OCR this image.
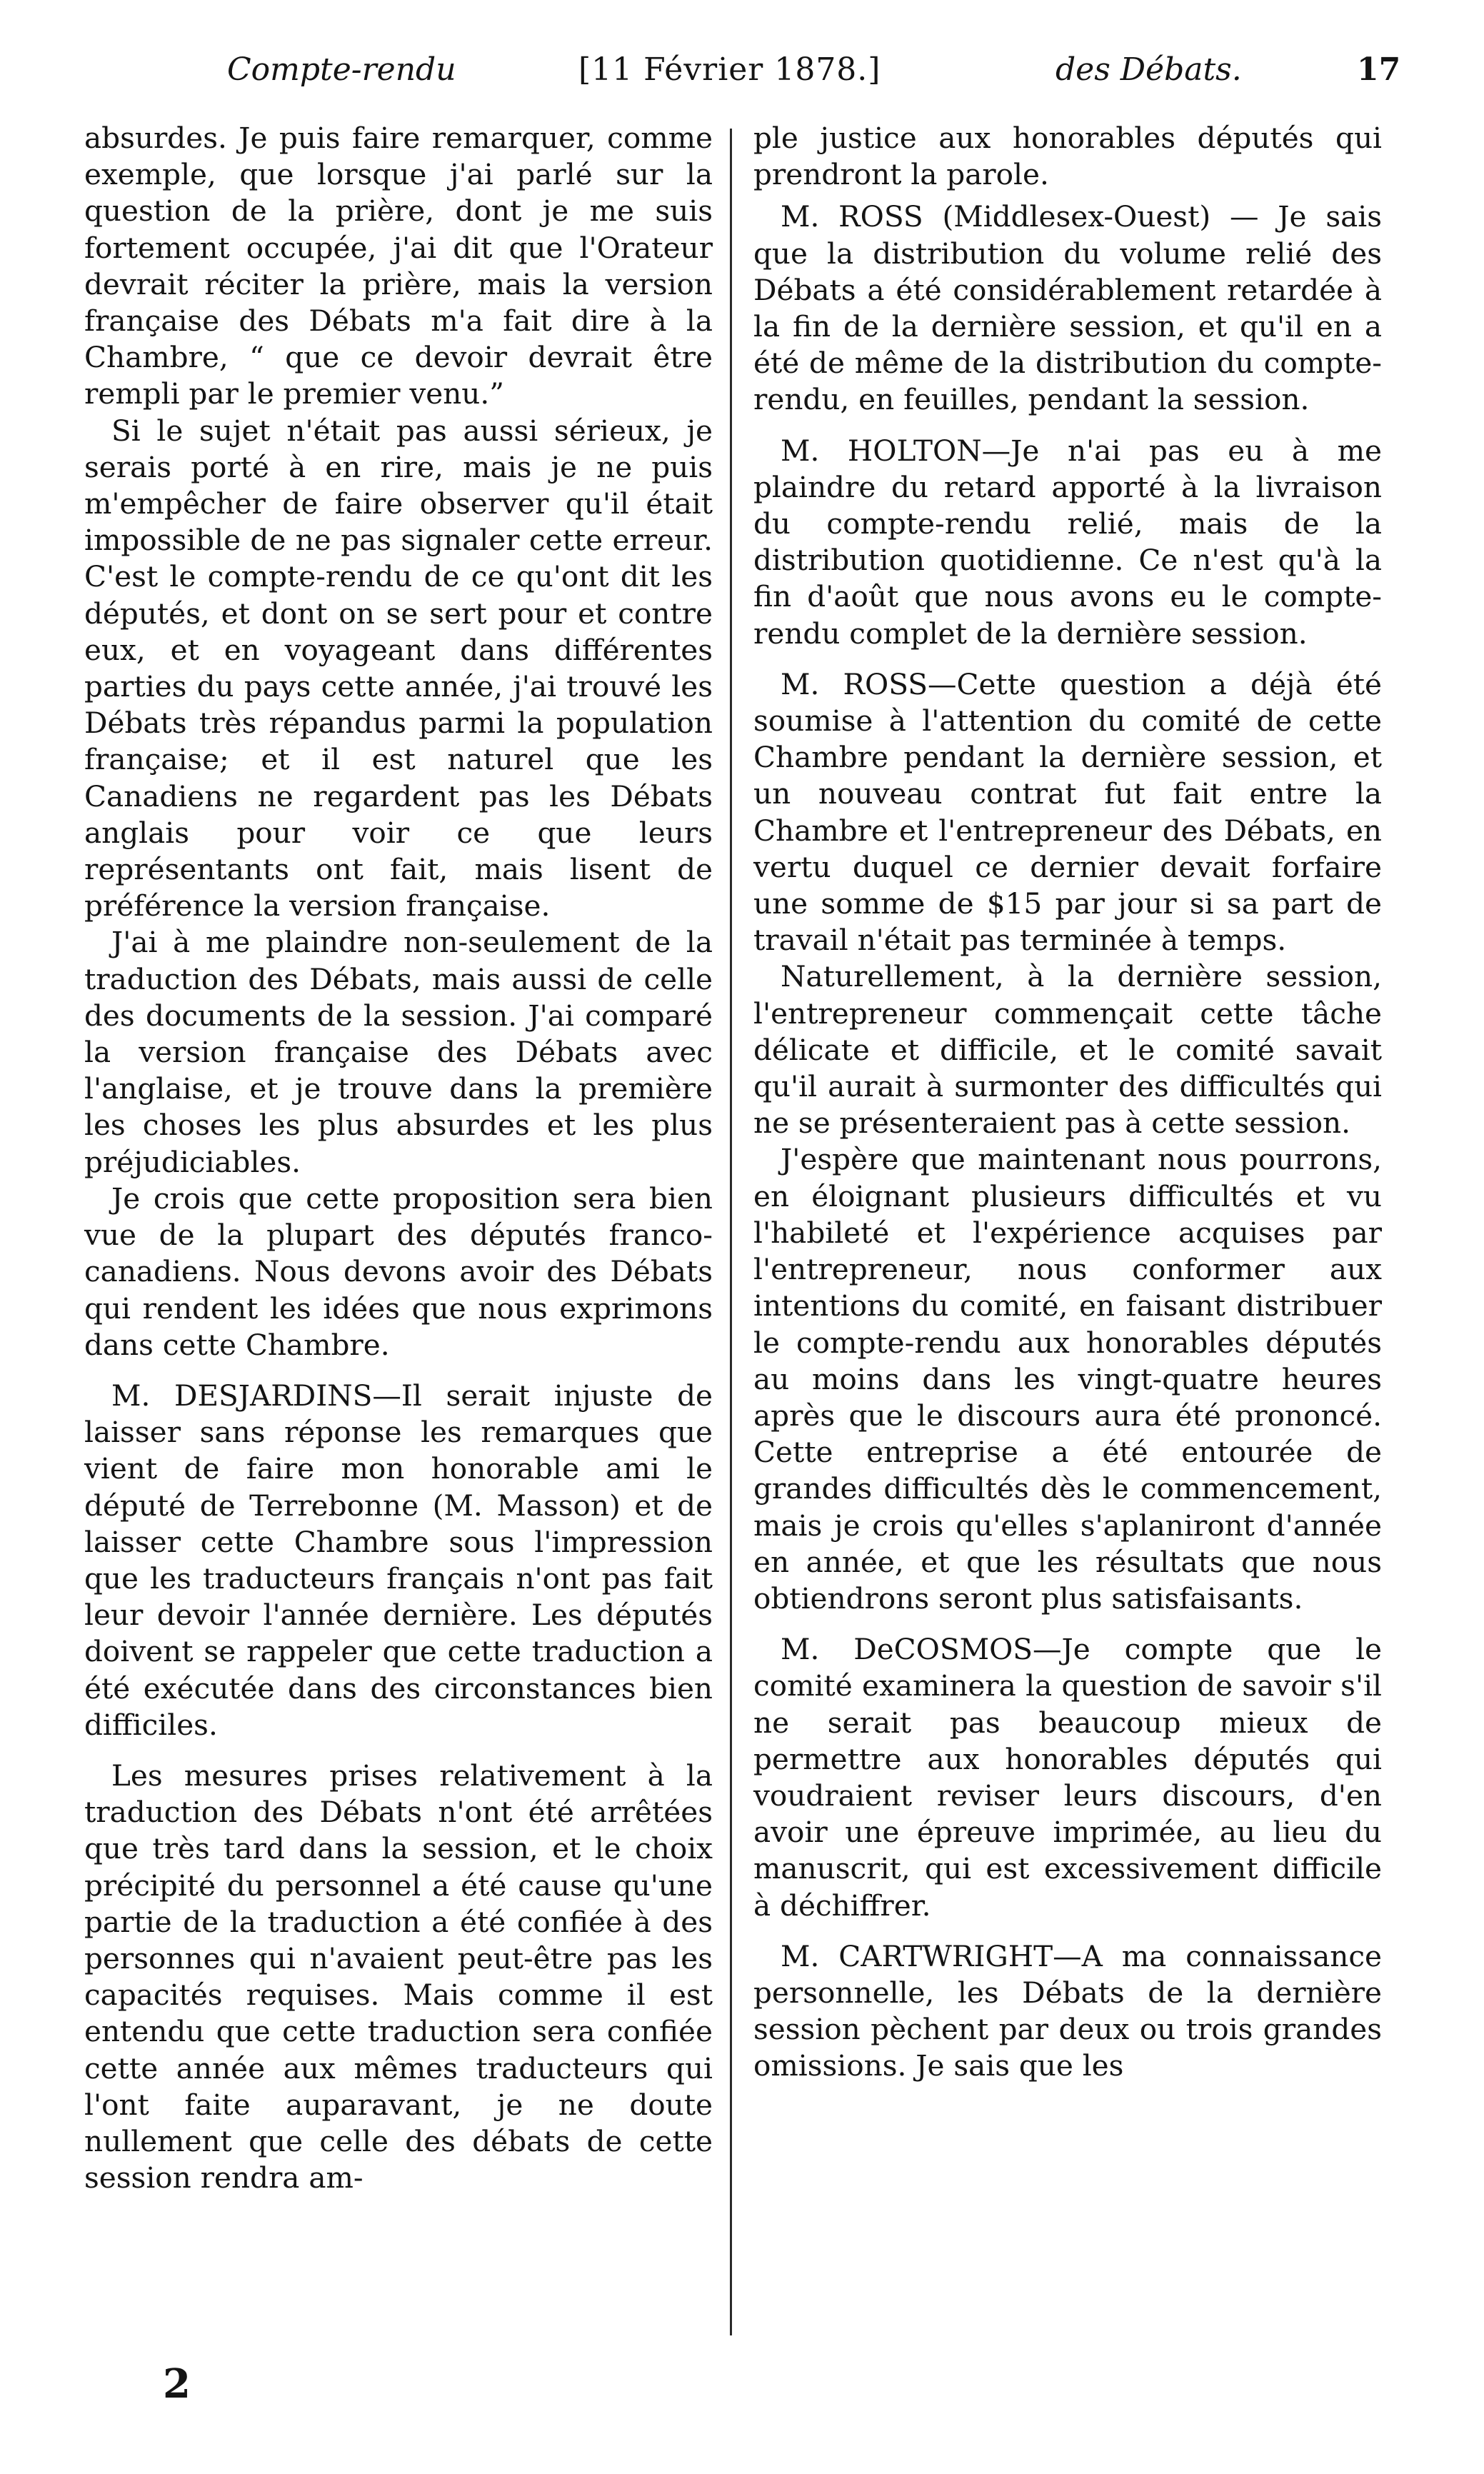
Compte-rendu	[11 Février 1878.]	des Débats.	17

absurdes. Je puis faire remarquer, comme exemple, que lorsque j'ai parlé sur la question de la prière, dont je me suis fortement occupée, j'ai dit que l'Orateur devrait réciter la prière, mais la version française des Débats m'a fait dire à la Chambre, “ que ce devoir devrait être rempli par le premier venu.”

Si le sujet n'était pas aussi sérieux, je serais porté à en rire, mais je ne puis m'empêcher de faire observer qu'il était impossible de ne pas signaler cette erreur. C'est le compte-rendu de ce qu'ont dit les députés, et dont on se sert pour et contre eux, et en voyageant dans différentes parties du pays cette année, j'ai trouvé les Débats très répandus parmi la population française; et il est naturel que les Canadiens ne regardent pas les Débats anglais pour voir ce que leurs représentants ont fait, mais lisent de préférence la version française.

J'ai à me plaindre non-seulement de la traduction des Débats, mais aussi de celle des documents de la session. J'ai comparé la version française des Débats avec l'anglaise, et je trouve dans la première les choses les plus absurdes et les plus préjudiciables.

Je crois que cette proposition sera bien vue de la plupart des députés franco-canadiens. Nous devons avoir des Débats qui rendent les idées que nous exprimons dans cette Chambre.

M. DESJARDINS—Il serait injuste de laisser sans réponse les remarques que vient de faire mon honorable ami le député de Terrebonne (M. Masson) et de laisser cette Chambre sous l'impression que les traducteurs français n'ont pas fait leur devoir l'année dernière. Les députés doivent se rappeler que cette traduction a été exécutée dans des circonstances bien difficiles.

Les mesures prises relativement à la traduction des Débats n'ont été arrêtées que très tard dans la session, et le choix précipité du personnel a été cause qu'une partie de la traduction a été confiée à des personnes qui n'avaient peut-être pas les capacités requises. Mais comme il est entendu que cette traduction sera confiée cette année aux mêmes traducteurs qui l'ont faite auparavant, je ne doute nullement que celle des débats de cette session rendra am-

ple justice aux honorables députés qui prendront la parole.

M. ROSS (Middlesex-Ouest) — Je sais que la distribution du volume relié des Débats a été considérablement retardée à la fin de la dernière session, et qu'il en a été de même de la distribution du compte-rendu, en feuilles, pendant la session.

M. HOLTON—Je n'ai pas eu à me plaindre du retard apporté à la livraison du compte-rendu relié, mais de la distribution quotidienne. Ce n'est qu'à la fin d'août que nous avons eu le compte-rendu complet de la dernière session.

M. ROSS—Cette question a déjà été soumise à l'attention du comité de cette Chambre pendant la dernière session, et un nouveau contrat fut fait entre la Chambre et l'entrepreneur des Débats, en vertu duquel ce dernier devait forfaire une somme de $15 par jour si sa part de travail n'était pas terminée à temps.

Naturellement, à la dernière session, l'entrepreneur commençait cette tâche délicate et difficile, et le comité savait qu'il aurait à surmonter des difficultés qui ne se présenteraient pas à cette session.

J'espère que maintenant nous pourrons, en éloignant plusieurs difficultés et vu l'habileté et l'expérience acquises par l'entrepreneur, nous conformer aux intentions du comité, en faisant distribuer le compte-rendu aux honorables députés au moins dans les vingt-quatre heures après que le discours aura été prononcé. Cette entreprise a été entourée de grandes difficultés dès le commencement, mais je crois qu'elles s'aplaniront d'année en année, et que les résultats que nous obtiendrons seront plus satisfaisants.

M. DeCOSMOS—Je compte que le comité examinera la question de savoir s'il ne serait pas beaucoup mieux de permettre aux honorables députés qui voudraient reviser leurs discours, d'en avoir une épreuve imprimée, au lieu du manuscrit, qui est excessivement difficile à déchiffrer.

M. CARTWRIGHT—A ma connaissance personnelle, les Débats de la dernière session pèchent par deux ou trois grandes omissions. Je sais que les

2
